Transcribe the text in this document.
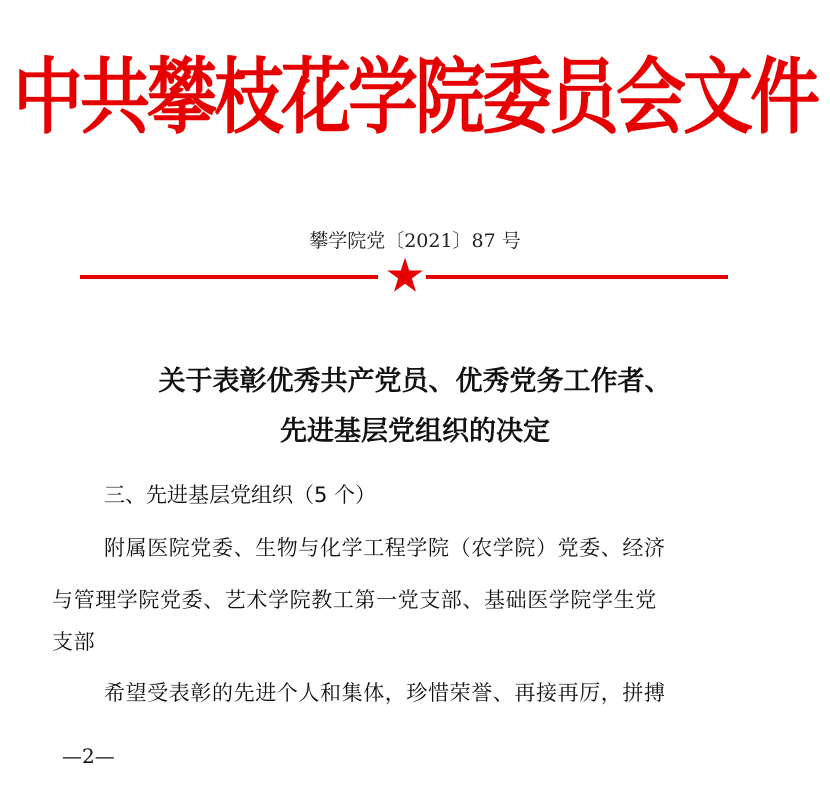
中共攀枝花学院委员会文件
攀学院党〔2021〕87 号
关于表彰优秀共产党员、优秀党务工作者、
先进基层党组织的决定
三、先进基层党组织（5 个）
附属医院党委、生物与化学工程学院（农学院）党委、经济
与管理学院党委、艺术学院教工第一党支部、基础医学院学生党
支部
希望受表彰的先进个人和集体，珍惜荣誉、再接再厉，拼搏
—2—
